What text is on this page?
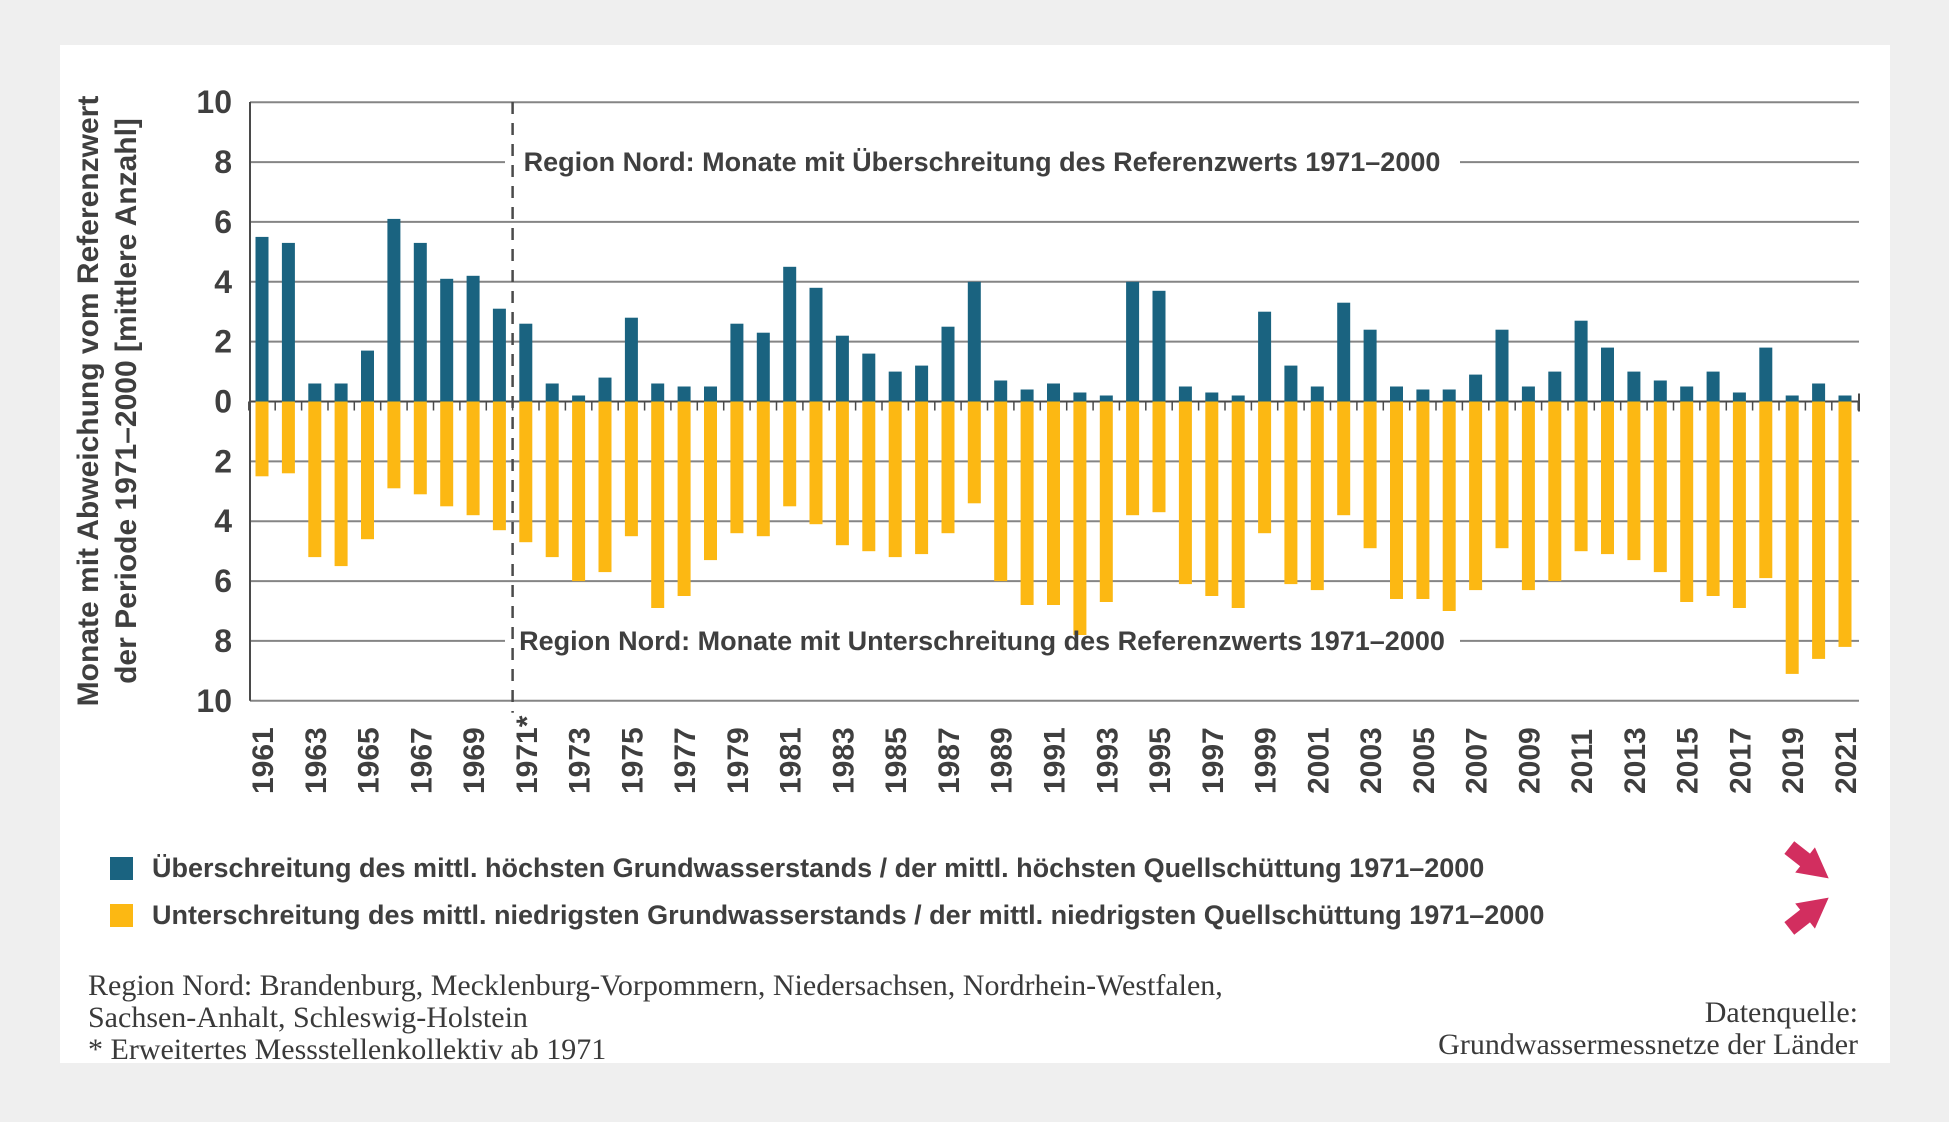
10
8
6
4
2
0
2
4
6
8
10
1961 1963 1965 1967 1969 1971* 1973 1975 1977 1979 1981 1983 1985 1987 1989 1991 1993 1995 1997 1999 2001 2003 2005 2007 2009 2011 2013 2015 2017 2019 2021
Region Nord: Monate mit Überschreitung des Referenzwerts 1971–2000
Region Nord: Monate mit Unterschreitung des Referenzwerts 1971–2000
Monate mit Abweichung vom Referenzwert der Periode 1971–2000 [mittlere Anzahl]
Überschreitung des mittl. höchsten Grundwasserstands / der mittl. höchsten Quellschüttung 1971–2000
Unterschreitung des mittl. niedrigsten Grundwasserstands / der mittl. niedrigsten Quellschüttung 1971–2000
Region Nord: Brandenburg, Mecklenburg-Vorpommern, Niedersachsen, Nordrhein-Westfalen,
Sachsen-Anhalt, Schleswig-Holstein
* Erweitertes Messstellenkollektiv ab 1971
Datenquelle:
Grundwassermessnetze der Länder
